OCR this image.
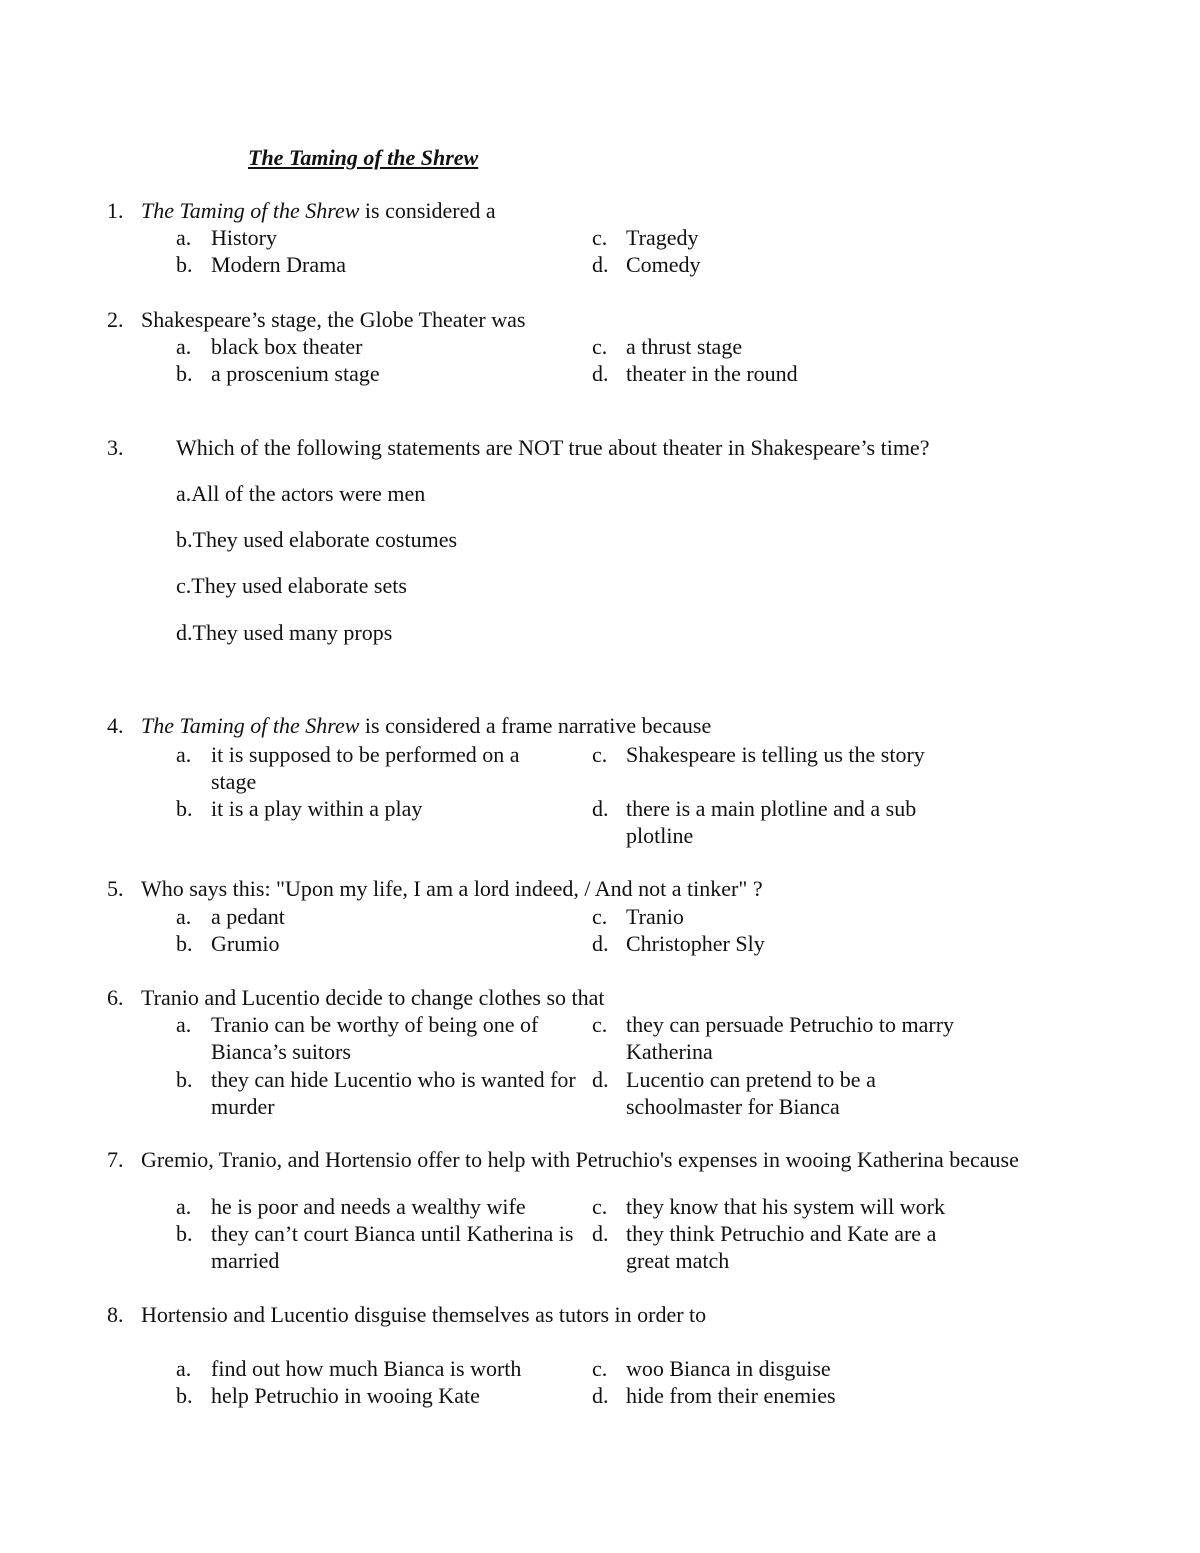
The Taming of the Shrew
1. The Taming of the Shrew is considered a
a. History
b. Modern Drama
c. Tragedy
d. Comedy
2. Shakespeare’s stage, the Globe Theater was
a. black box theater
b. a proscenium stage
c. a thrust stage
d. theater in the round
3. Which of the following statements are NOT true about theater in Shakespeare’s time?
a.All of the actors were men
b.They used elaborate costumes
c.They used elaborate sets
d.They used many props
4. The Taming of the Shrew is considered a frame narrative because
a. it is supposed to be performed on a stage
b. it is a play within a play
c. Shakespeare is telling us the story
d. there is a main plotline and a sub plotline
5. Who says this: "Upon my life, I am a lord indeed, / And not a tinker" ?
a. a pedant
b. Grumio
c. Tranio
d. Christopher Sly
6. Tranio and Lucentio decide to change clothes so that
a. Tranio can be worthy of being one of Bianca’s suitors
b. they can hide Lucentio who is wanted for murder
c. they can persuade Petruchio to marry Katherina
d. Lucentio can pretend to be a schoolmaster for Bianca
7. Gremio, Tranio, and Hortensio offer to help with Petruchio's expenses in wooing Katherina because
a. he is poor and needs a wealthy wife
b. they can’t court Bianca until Katherina is married
c. they know that his system will work
d. they think Petruchio and Kate are a great match
8. Hortensio and Lucentio disguise themselves as tutors in order to
a. find out how much Bianca is worth
b. help Petruchio in wooing Kate
c. woo Bianca in disguise
d. hide from their enemies
